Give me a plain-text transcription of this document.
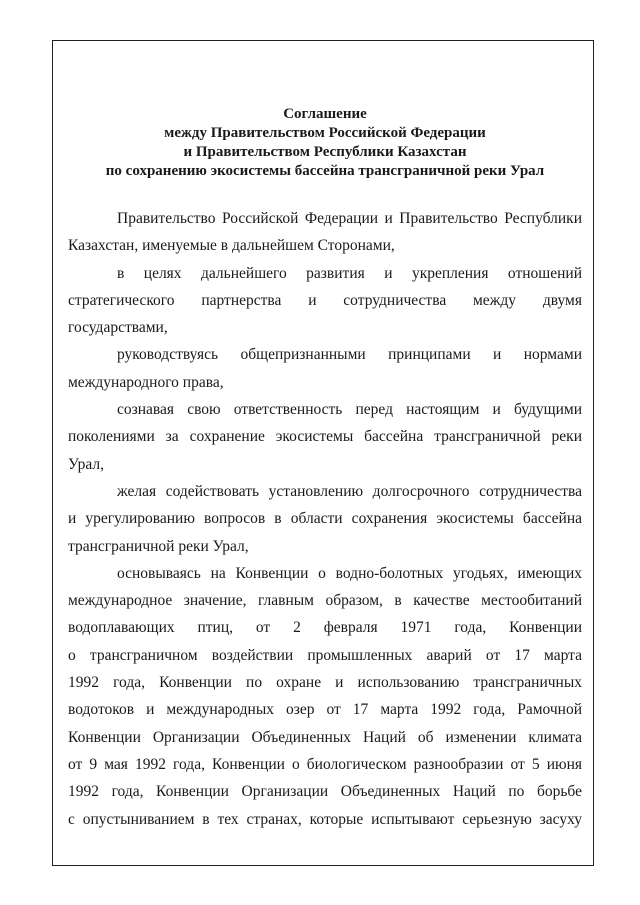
Соглашение
между Правительством Российской Федерации
и Правительством Республики Казахстан
по сохранению экосистемы бассейна трансграничной реки Урал

Правительство Российской Федерации и Правительство Республики
Казахстан, именуемые в дальнейшем Сторонами,

в целях дальнейшего развития и укрепления отношений
стратегического партнерства и сотрудничества между двумя
государствами,

руководствуясь общепризнанными принципами и нормами
международного права,

сознавая свою ответственность перед настоящим и будущими
поколениями за сохранение экосистемы бассейна трансграничной реки
Урал,

желая содействовать установлению долгосрочного сотрудничества
и урегулированию вопросов в области сохранения экосистемы бассейна
трансграничной реки Урал,

основываясь на Конвенции о водно-болотных угодьях, имеющих
международное значение, главным образом, в качестве местообитаний
водоплавающих птиц, от 2 февраля 1971 года, Конвенции
о трансграничном воздействии промышленных аварий от 17 марта
1992 года, Конвенции по охране и использованию трансграничных
водотоков и международных озер от 17 марта 1992 года, Рамочной
Конвенции Организации Объединенных Наций об изменении климата
от 9 мая 1992 года, Конвенции о биологическом разнообразии от 5 июня
1992 года, Конвенции Организации Объединенных Наций по борьбе
с опустыниванием в тех странах, которые испытывают серьезную засуху
